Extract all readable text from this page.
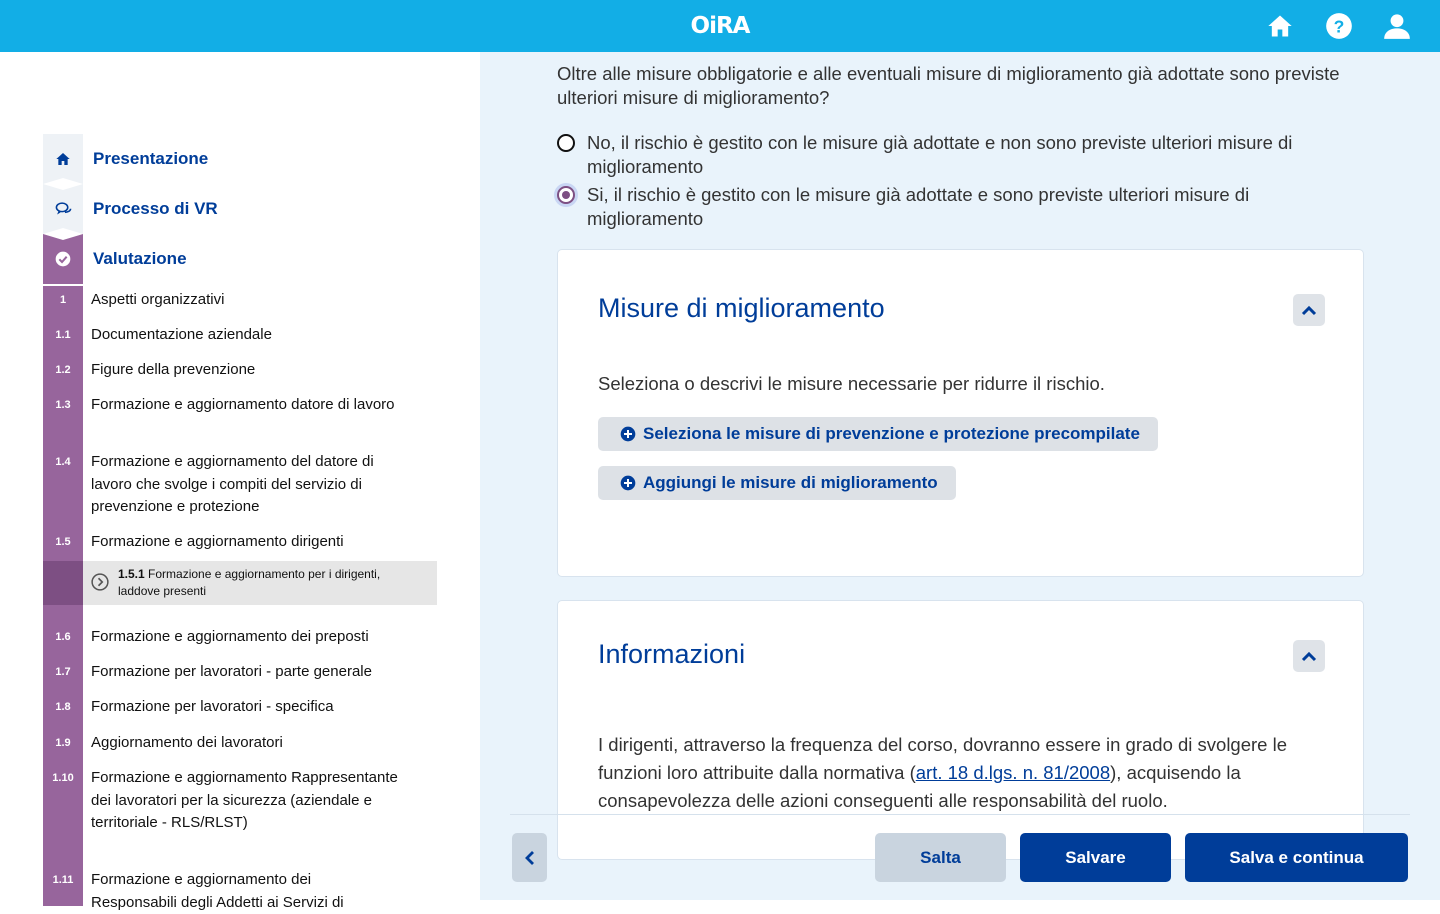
OiRA	?
Presentazione
Processo di VR
Valutazione
1	Aspetti organizzativi
1.1	Documentazione aziendale
1.2	Figure della prevenzione
1.3	Formazione e aggiornamento datore di lavoro
1.4	Formazione e aggiornamento del datore di lavoro che svolge i compiti del servizio di prevenzione e protezione
1.5	Formazione e aggiornamento dirigenti
1.5.1 Formazione e aggiornamento per i dirigenti, laddove presenti
1.6	Formazione e aggiornamento dei preposti
1.7	Formazione per lavoratori - parte generale
1.8	Formazione per lavoratori - specifica
1.9	Aggiornamento dei lavoratori
1.10	Formazione e aggiornamento Rappresentante dei lavoratori per la sicurezza (aziendale e territoriale - RLS/RLST)
1.11	Formazione e aggiornamento dei Responsabili degli Addetti ai Servizi di
Oltre alle misure obbligatorie e alle eventuali misure di miglioramento già adottate sono previste ulteriori misure di miglioramento?
No, il rischio è gestito con le misure già adottate e non sono previste ulteriori misure di miglioramento
Si, il rischio è gestito con le misure già adottate e sono previste ulteriori misure di miglioramento
Misure di miglioramento
Seleziona o descrivi le misure necessarie per ridurre il rischio.
Seleziona le misure di prevenzione e protezione precompilate
Aggiungi le misure di miglioramento
Informazioni
I dirigenti, attraverso la frequenza del corso, dovranno essere in grado di svolgere le funzioni loro attribuite dalla normativa (art. 18 d.lgs. n. 81/2008), acquisendo la consapevolezza delle azioni conseguenti alle responsabilità del ruolo.
Salta	Salvare	Salva e continua
